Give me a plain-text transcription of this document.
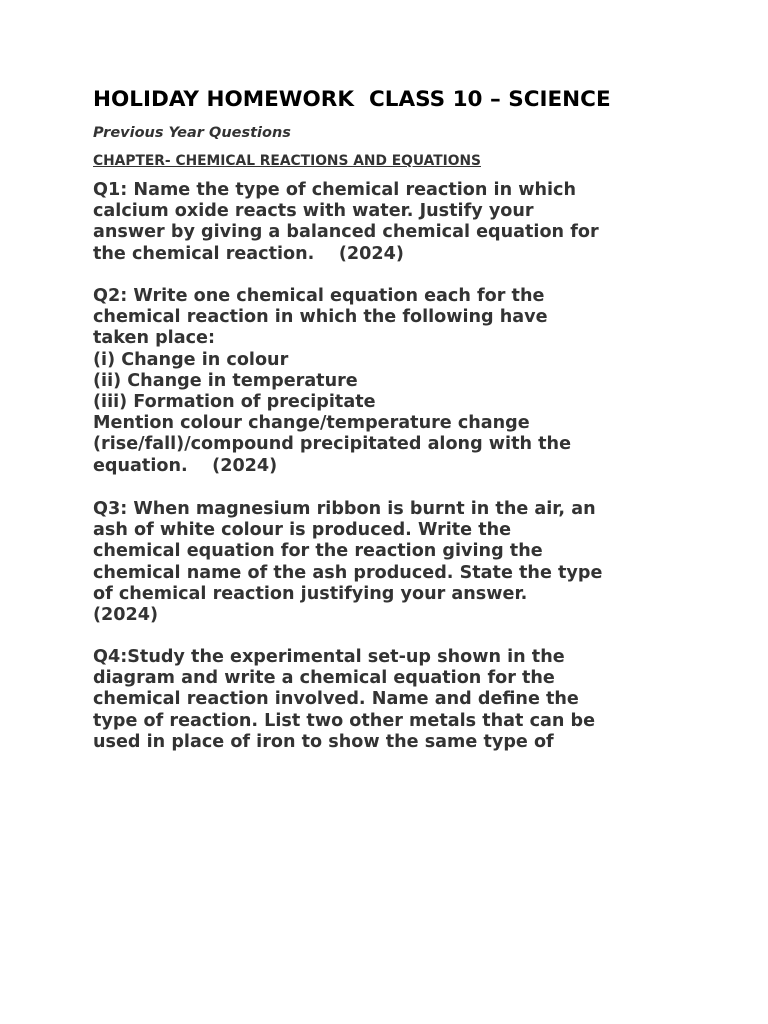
HOLIDAY HOMEWORK  CLASS 10 – SCIENCE
Previous Year Questions
CHAPTER- CHEMICAL REACTIONS AND EQUATIONS
Q1: Name the type of chemical reaction in which
calcium oxide reacts with water. Justify your
answer by giving a balanced chemical equation for
the chemical reaction.    (2024)
Q2: Write one chemical equation each for the
chemical reaction in which the following have
taken place:
(i) Change in colour
(ii) Change in temperature
(iii) Formation of precipitate
Mention colour change/temperature change
(rise/fall)/compound precipitated along with the
equation.    (2024)
Q3: When magnesium ribbon is burnt in the air, an
ash of white colour is produced. Write the
chemical equation for the reaction giving the
chemical name of the ash produced. State the type
of chemical reaction justifying your answer.
(2024)
Q4:Study the experimental set-up shown in the
diagram and write a chemical equation for the
chemical reaction involved. Name and define the
type of reaction. List two other metals that can be
used in place of iron to show the same type of
